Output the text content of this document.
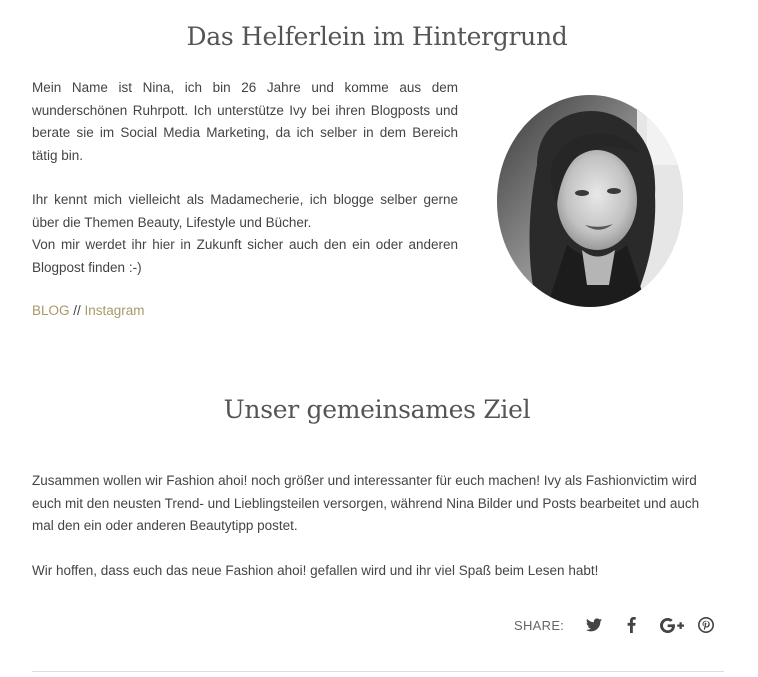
Das Helferlein im Hintergrund

Mein Name ist Nina, ich bin 26 Jahre und komme aus dem wunderschönen Ruhrpott. Ich unterstütze Ivy bei ihren Blogposts und berate sie im Social Media Marketing, da ich selber in dem Bereich tätig bin.

Ihr kennt mich vielleicht als Madamecherie, ich blogge selber gerne über die Themen Beauty, Lifestyle und Bücher.
Von mir werdet ihr hier in Zukunft sicher auch den ein oder anderen Blogpost finden :-)

BLOG // Instagram
Unser gemeinsames Ziel

Zusammen wollen wir Fashion ahoi! noch größer und interessanter für euch machen! Ivy als Fashionvictim wird euch mit den neusten Trend- und Lieblingsteilen versorgen, während Nina Bilder und Posts bearbeitet und auch mal den ein oder anderen Beautytipp postet.

Wir hoffen, dass euch das neue Fashion ahoi! gefallen wird und ihr viel Spaß beim Lesen habt!

SHARE:
